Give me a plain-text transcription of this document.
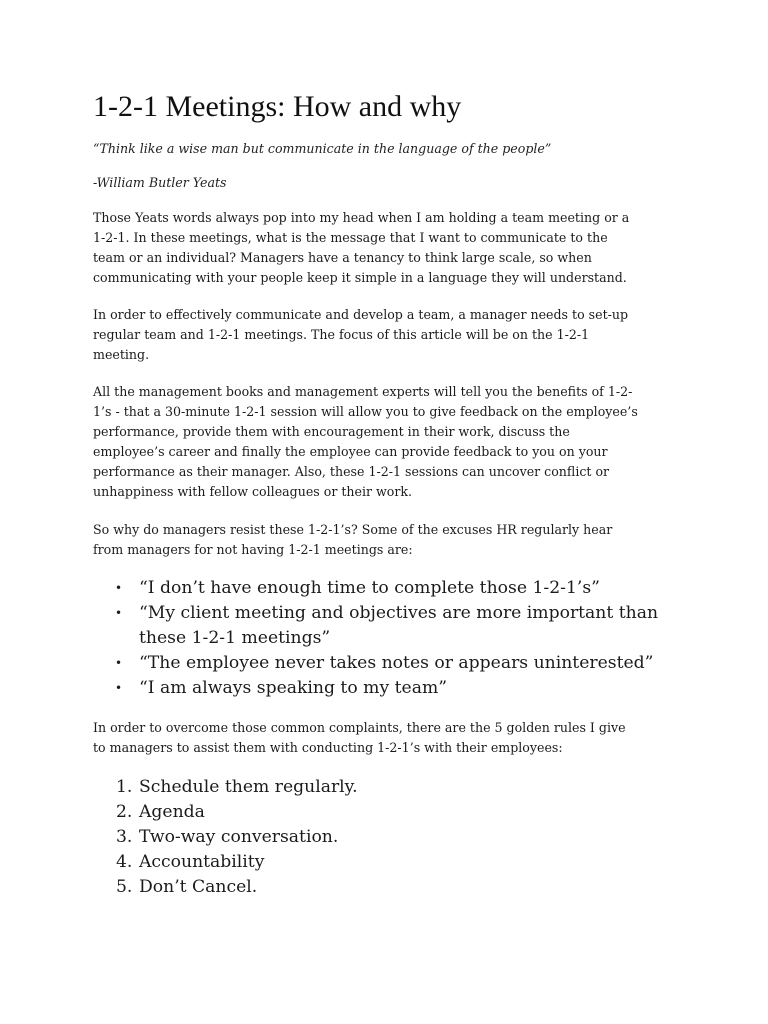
1-2-1 Meetings: How and why

“Think like a wise man but communicate in the language of the people”

-William Butler Yeats

Those Yeats words always pop into my head when I am holding a team meeting or a
1-2-1. In these meetings, what is the message that I want to communicate to the
team or an individual? Managers have a tenancy to think large scale, so when
communicating with your people keep it simple in a language they will understand.

In order to effectively communicate and develop a team, a manager needs to set-up
regular team and 1-2-1 meetings. The focus of this article will be on the 1-2-1
meeting.

All the management books and management experts will tell you the benefits of 1-2-
1’s - that a 30-minute 1-2-1 session will allow you to give feedback on the employee’s
performance, provide them with encouragement in their work, discuss the
employee’s career and finally the employee can provide feedback to you on your
performance as their manager. Also, these 1-2-1 sessions can uncover conflict or
unhappiness with fellow colleagues or their work.

So why do managers resist these 1-2-1’s? Some of the excuses HR regularly hear
from managers for not having 1-2-1 meetings are:

• “I don’t have enough time to complete those 1-2-1’s”
• “My client meeting and objectives are more important than
these 1-2-1 meetings”
• “The employee never takes notes or appears uninterested”
• “I am always speaking to my team”

In order to overcome those common complaints, there are the 5 golden rules I give
to managers to assist them with conducting 1-2-1’s with their employees:

1. Schedule them regularly.
2. Agenda
3. Two-way conversation.
4. Accountability
5. Don’t Cancel.
